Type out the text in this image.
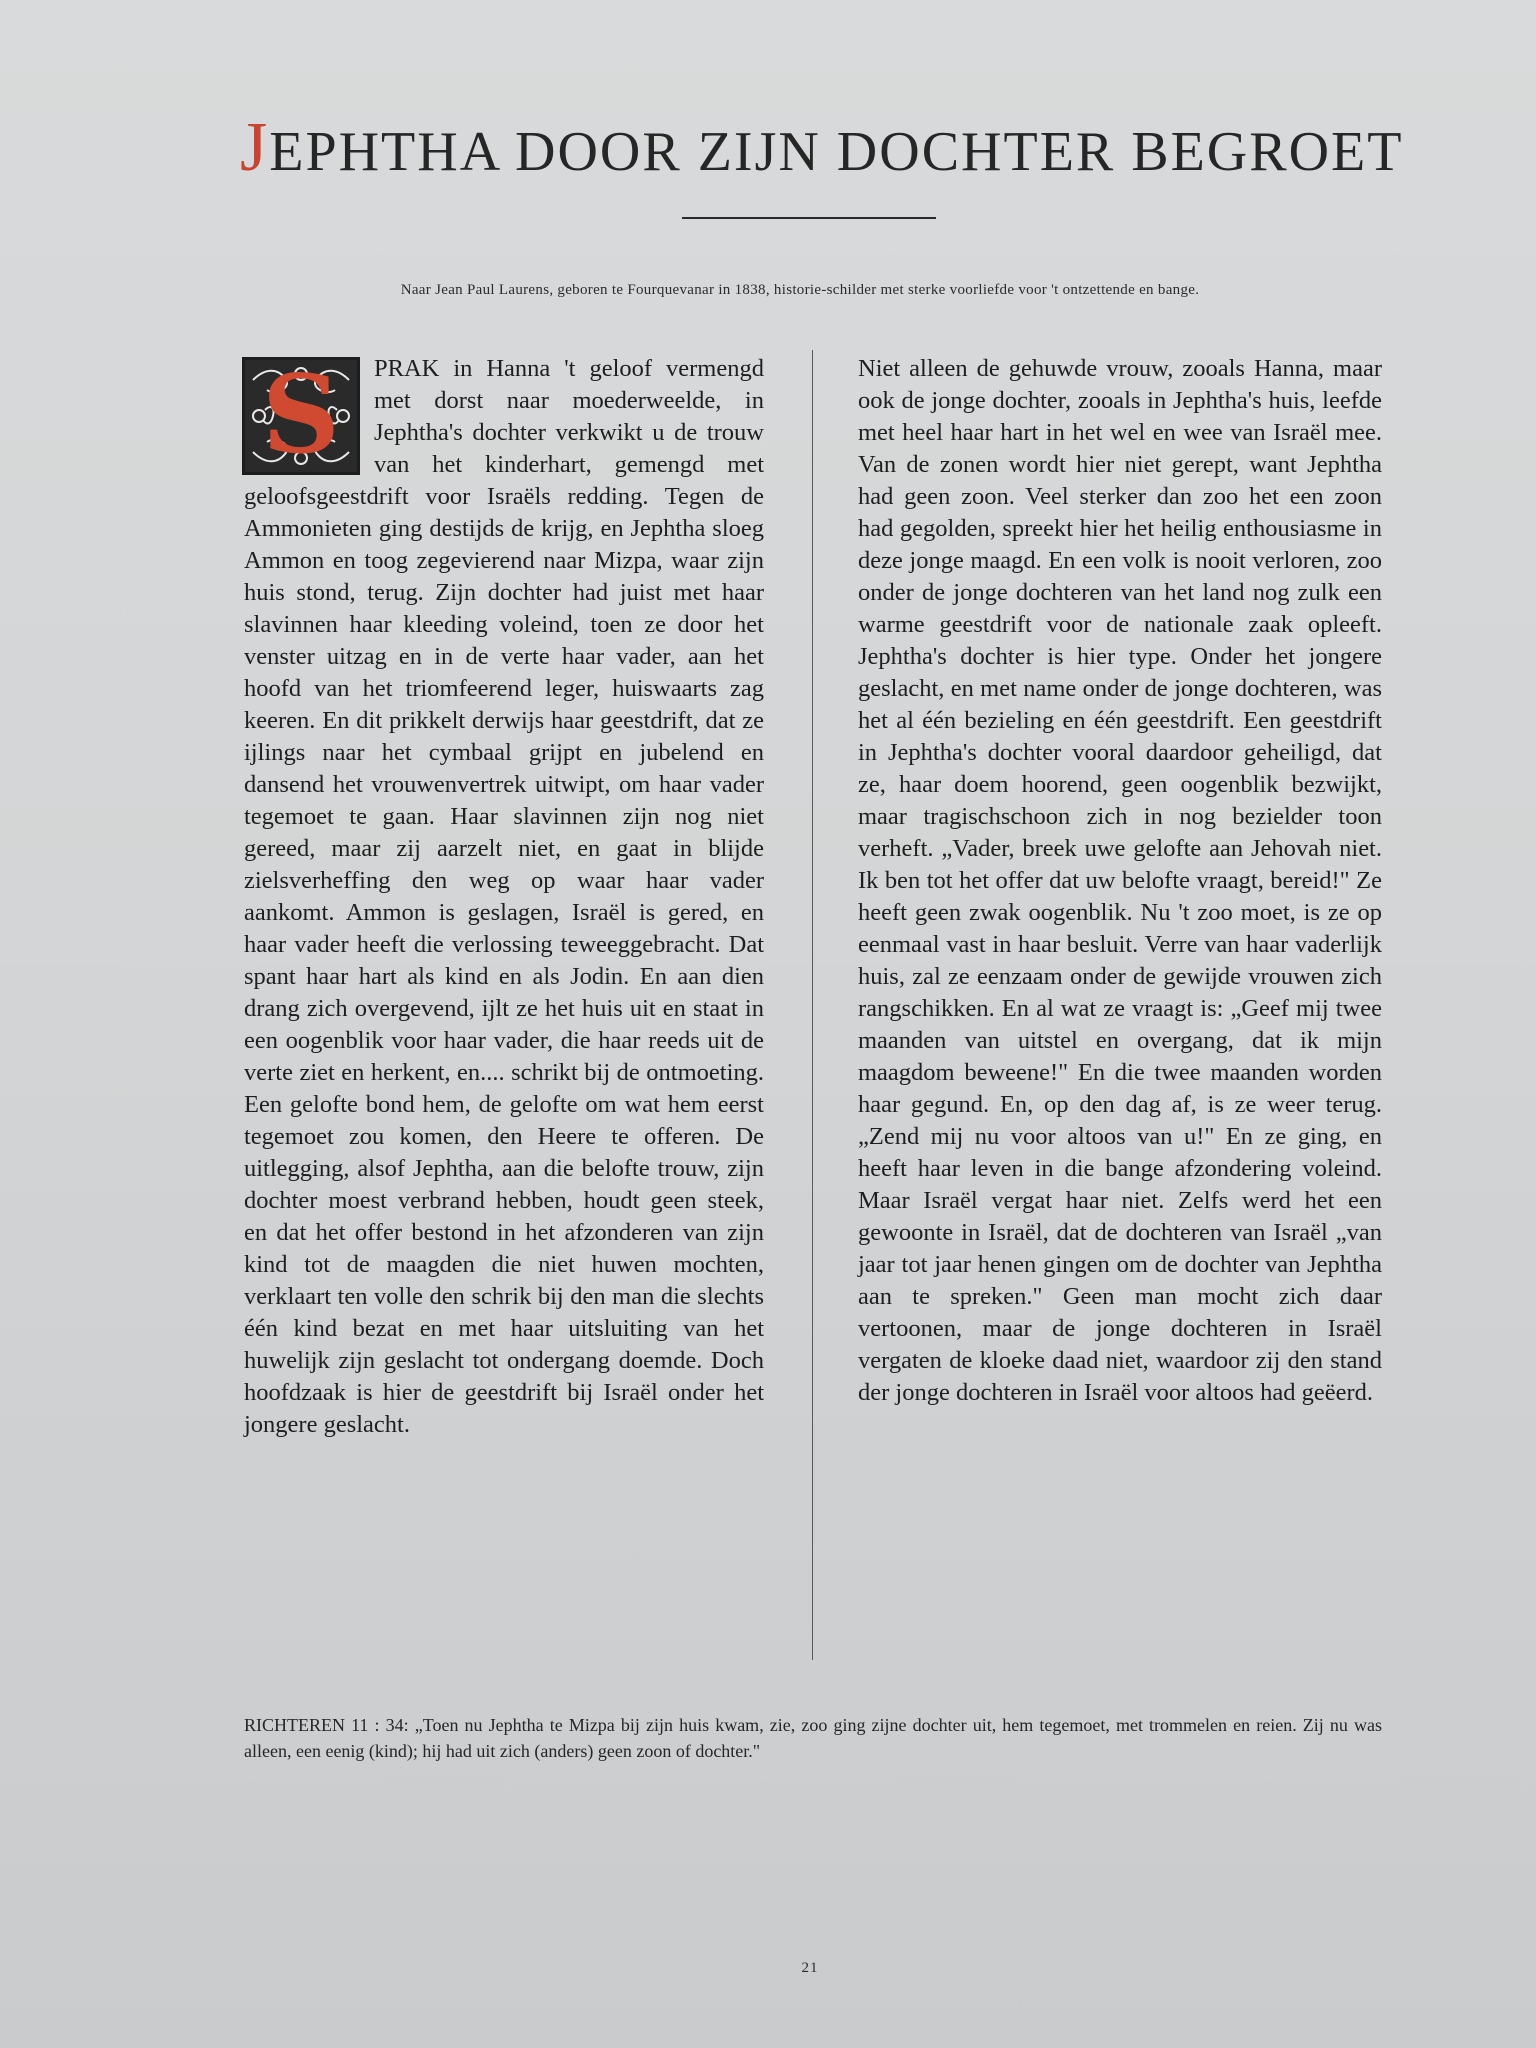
JEPHTHA DOOR ZIJN DOCHTER BEGROET
Naar Jean Paul Laurens, geboren te Fourquevanar in 1838, historie-schilder met sterke voorliefde voor 't ontzettende en bange.
S	PRAK in Hanna 't geloof vermengd met dorst naar moederweelde, in Jephtha's dochter verkwikt u de trouw van het kinderhart, gemengd met geloofsgeestdrift voor Israëls redding. Tegen de Ammonieten ging destijds de krijg, en Jephtha sloeg Ammon en toog zegevierend naar Mizpa, waar zijn huis stond, terug. Zijn dochter had juist met haar slavinnen haar kleeding voleind, toen ze door het venster uitzag en in de verte haar vader, aan het hoofd van het triomfeerend leger, huiswaarts zag keeren. En dit prikkelt derwijs haar geestdrift, dat ze ijlings naar het cymbaal grijpt en jubelend en dansend het vrouwenvertrek uitwipt, om haar vader tegemoet te gaan. Haar slavinnen zijn nog niet gereed, maar zij aarzelt niet, en gaat in blijde zielsverheffing den weg op waar haar vader aankomt. Ammon is geslagen, Israël is gered, en haar vader heeft die verlossing teweeggebracht. Dat spant haar hart als kind en als Jodin. En aan dien drang zich overgevend, ijlt ze het huis uit en staat in een oogenblik voor haar vader, die haar reeds uit de verte ziet en herkent, en.... schrikt bij de ontmoeting. Een gelofte bond hem, de gelofte om wat hem eerst tegemoet zou komen, den Heere te offeren. De uitlegging, alsof Jephtha, aan die belofte trouw, zijn dochter moest verbrand hebben, houdt geen steek, en dat het offer bestond in het afzonderen van zijn kind tot de maagden die niet huwen mochten, verklaart ten volle den schrik bij den man die slechts één kind bezat en met haar uitsluiting van het huwelijk zijn geslacht tot ondergang doemde. Doch hoofdzaak is hier de geestdrift bij Israël onder het jongere geslacht.

Niet alleen de gehuwde vrouw, zooals Hanna, maar ook de jonge dochter, zooals in Jephtha's huis, leefde met heel haar hart in het wel en wee van Israël mee. Van de zonen wordt hier niet gerept, want Jephtha had geen zoon. Veel sterker dan zoo het een zoon had gegolden, spreekt hier het heilig enthousiasme in deze jonge maagd. En een volk is nooit verloren, zoo onder de jonge dochteren van het land nog zulk een warme geestdrift voor de nationale zaak opleeft. Jephtha's dochter is hier type. Onder het jongere geslacht, en met name onder de jonge dochteren, was het al één bezieling en één geestdrift. Een geestdrift in Jephtha's dochter vooral daardoor geheiligd, dat ze, haar doem hoorend, geen oogenblik bezwijkt, maar tragischschoon zich in nog bezielder toon verheft. „Vader, breek uwe gelofte aan Jehovah niet. Ik ben tot het offer dat uw belofte vraagt, bereid!" Ze heeft geen zwak oogenblik. Nu 't zoo moet, is ze op eenmaal vast in haar besluit. Verre van haar vaderlijk huis, zal ze eenzaam onder de gewijde vrouwen zich rangschikken. En al wat ze vraagt is: „Geef mij twee maanden van uitstel en overgang, dat ik mijn maagdom beweene!" En die twee maanden worden haar gegund. En, op den dag af, is ze weer terug. „Zend mij nu voor altoos van u!" En ze ging, en heeft haar leven in die bange afzondering voleind. Maar Israël vergat haar niet. Zelfs werd het een gewoonte in Israël, dat de dochteren van Israël „van jaar tot jaar henen gingen om de dochter van Jephtha aan te spreken." Geen man mocht zich daar vertoonen, maar de jonge dochteren in Israël vergaten de kloeke daad niet, waardoor zij den stand der jonge dochteren in Israël voor altoos had geëerd.

RICHTEREN 11 : 34: „Toen nu Jephtha te Mizpa bij zijn huis kwam, zie, zoo ging zijne dochter uit, hem tegemoet, met trommelen en reien. Zij nu was alleen, een eenig (kind); hij had uit zich (anders) geen zoon of dochter."
21
